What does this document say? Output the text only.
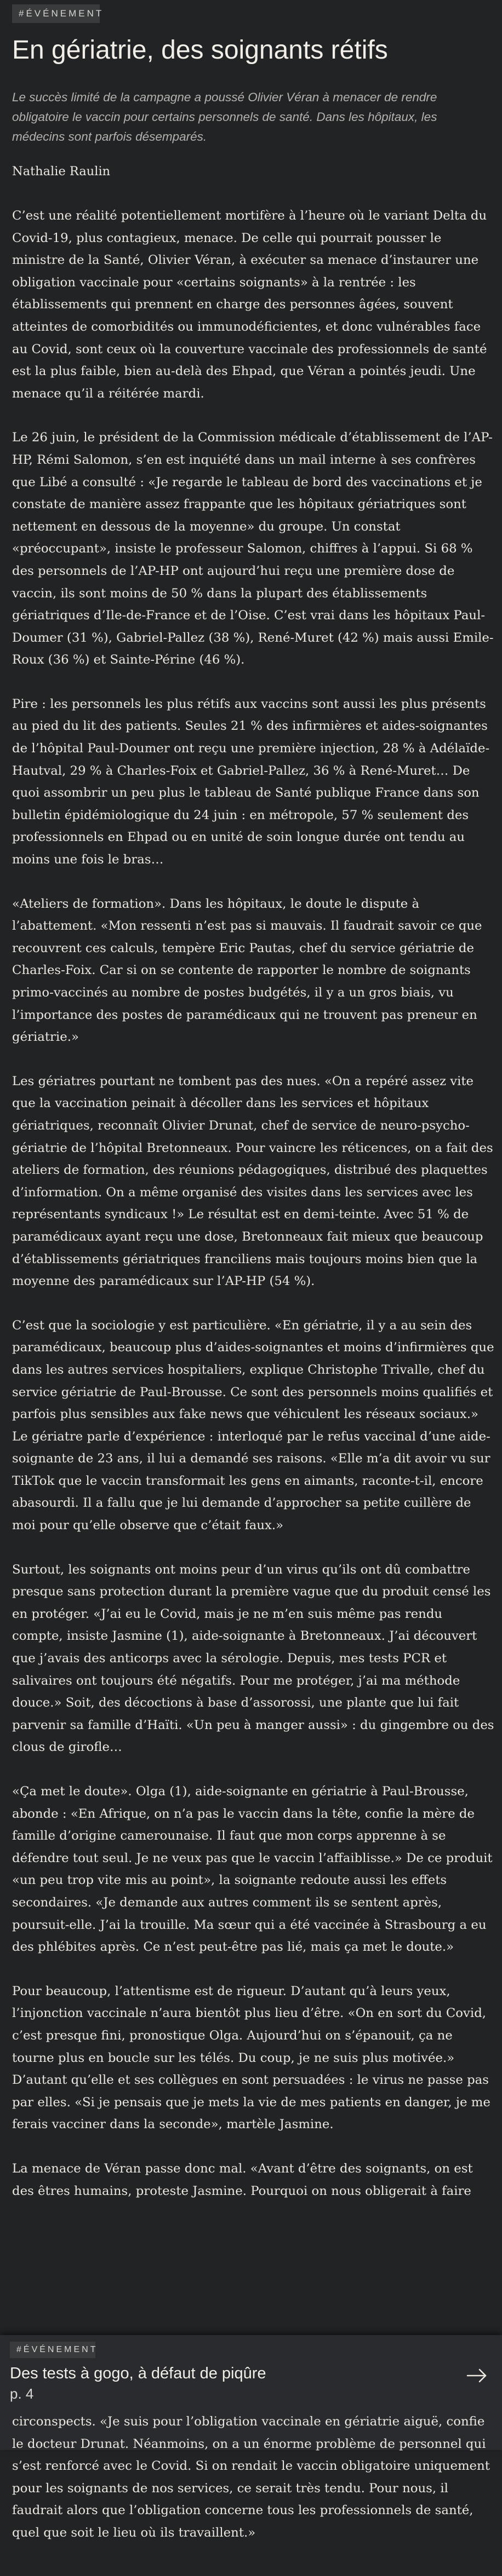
#ÉVÉNEMENT
En gériatrie, des soignants rétifs

Le succès limité de la campagne a poussé Olivier Véran à menacer de rendre obligatoire le vaccin pour certains personnels de santé. Dans les hôpitaux, les médecins sont parfois désemparés.

Nathalie Raulin

C’est une réalité potentiellement mortifère à l’heure où le variant Delta du Covid-19, plus contagieux, menace. De celle qui pourrait pousser le ministre de la Santé, Olivier Véran, à exécuter sa menace d’instaurer une obligation vaccinale pour «certains soignants» à la rentrée : les établissements qui prennent en charge des personnes âgées, souvent atteintes de comorbidités ou immunodéficientes, et donc vulnérables face au Covid, sont ceux où la couverture vaccinale des professionnels de santé est la plus faible, bien au-delà des Ehpad, que Véran a pointés jeudi. Une menace qu’il a réitérée mardi.

Le 26 juin, le président de la Commission médicale d’établissement de l’AP-HP, Rémi Salomon, s’en est inquiété dans un mail interne à ses confrères que Libé a consulté : «Je regarde le tableau de bord des vaccinations et je constate de manière assez frappante que les hôpitaux gériatriques sont nettement en dessous de la moyenne» du groupe. Un constat «préoccupant», insiste le professeur Salomon, chiffres à l’appui. Si 68 % des personnels de l’AP-HP ont aujourd’hui reçu une première dose de vaccin, ils sont moins de 50 % dans la plupart des établissements gériatriques d’Ile-de-France et de l’Oise. C’est vrai dans les hôpitaux Paul-Doumer (31 %), Gabriel-Pallez (38 %), René-Muret (42 %) mais aussi Emile-Roux (36 %) et Sainte-Périne (46 %).

Pire : les personnels les plus rétifs aux vaccins sont aussi les plus présents au pied du lit des patients. Seules 21 % des infirmières et aides-soignantes de l’hôpital Paul-Doumer ont reçu une première injection, 28 % à Adélaïde-Hautval, 29 % à Charles-Foix et Gabriel-Pallez, 36 % à René-Muret… De quoi assombrir un peu plus le tableau de Santé publique France dans son bulletin épidémiologique du 24 juin : en métropole, 57 % seulement des professionnels en Ehpad ou en unité de soin longue durée ont tendu au moins une fois le bras…

«Ateliers de formation». Dans les hôpitaux, le doute le dispute à l’abattement. «Mon ressenti n’est pas si mauvais. Il faudrait savoir ce que recouvrent ces calculs, tempère Eric Pautas, chef du service gériatrie de Charles-Foix. Car si on se contente de rapporter le nombre de soignants primo-vaccinés au nombre de postes budgétés, il y a un gros biais, vu l’importance des postes de paramédicaux qui ne trouvent pas preneur en gériatrie.»

Les gériatres pourtant ne tombent pas des nues. «On a repéré assez vite que la vaccination peinait à décoller dans les services et hôpitaux gériatriques, reconnaît Olivier Drunat, chef de service de neuro-psycho-gériatrie de l’hôpital Bretonneaux. Pour vaincre les réticences, on a fait des ateliers de formation, des réunions pédagogiques, distribué des plaquettes d’information. On a même organisé des visites dans les services avec les représentants syndicaux !» Le résultat est en demi-teinte. Avec 51 % de paramédicaux ayant reçu une dose, Bretonneaux fait mieux que beaucoup d’établissements gériatriques franciliens mais toujours moins bien que la moyenne des paramédicaux sur l’AP-HP (54 %).

C’est que la sociologie y est particulière. «En gériatrie, il y a au sein des paramédicaux, beaucoup plus d’aides-soignantes et moins d’infirmières que dans les autres services hospitaliers, explique Christophe Trivalle, chef du service gériatrie de Paul-Brousse. Ce sont des personnels moins qualifiés et parfois plus sensibles aux fake news que véhiculent les réseaux sociaux.» Le gériatre parle d’expérience : interloqué par le refus vaccinal d’une aide-soignante de 23 ans, il lui a demandé ses raisons. «Elle m’a dit avoir vu sur TikTok que le vaccin transformait les gens en aimants, raconte-t-il, encore abasourdi. Il a fallu que je lui demande d’approcher sa petite cuillère de moi pour qu’elle observe que c’était faux.»

Surtout, les soignants ont moins peur d’un virus qu’ils ont dû combattre presque sans protection durant la première vague que du produit censé les en protéger. «J’ai eu le Covid, mais je ne m’en suis même pas rendu compte, insiste Jasmine (1), aide-soignante à Bretonneaux. J’ai découvert que j’avais des anticorps avec la sérologie. Depuis, mes tests PCR et salivaires ont toujours été négatifs. Pour me protéger, j’ai ma méthode douce.» Soit, des décoctions à base d’assorossi, une plante que lui fait parvenir sa famille d’Haïti. «Un peu à manger aussi» : du gingembre ou des clous de girofle…

«Ça met le doute». Olga (1), aide-soignante en gériatrie à Paul-Brousse, abonde : «En Afrique, on n’a pas le vaccin dans la tête, confie la mère de famille d’origine camerounaise. Il faut que mon corps apprenne à se défendre tout seul. Je ne veux pas que le vaccin l’affaiblisse.» De ce produit «un peu trop vite mis au point», la soignante redoute aussi les effets secondaires. «Je demande aux autres comment ils se sentent après, poursuit-elle. J’ai la trouille. Ma sœur qui a été vaccinée à Strasbourg a eu des phlébites après. Ce n’est peut-être pas lié, mais ça met le doute.»

Pour beaucoup, l’attentisme est de rigueur. D’autant qu’à leurs yeux, l’injonction vaccinale n’aura bientôt plus lieu d’être. «On en sort du Covid, c’est presque fini, pronostique Olga. Aujourd’hui on s’épanouit, ça ne tourne plus en boucle sur les télés. Du coup, je ne suis plus motivée.» D’autant qu’elle et ses collègues en sont persuadées : le virus ne passe pas par elles. «Si je pensais que je mets la vie de mes patients en danger, je me ferais vacciner dans la seconde», martèle Jasmine.

La menace de Véran passe donc mal. «Avant d’être des soignants, on est des êtres humains, proteste Jasmine. Pourquoi on nous obligerait à faire

#ÉVÉNEMENT
Des tests à gogo, à défaut de piqûre
p. 4

circonspects. «Je suis pour l’obligation vaccinale en gériatrie aiguë, confie le docteur Drunat. Néanmoins, on a un énorme problème de personnel qui s’est renforcé avec le Covid. Si on rendait le vaccin obligatoire uniquement pour les soignants de nos services, ce serait très tendu. Pour nous, il faudrait alors que l’obligation concerne tous les professionnels de santé, quel que soit le lieu où ils travaillent.»
